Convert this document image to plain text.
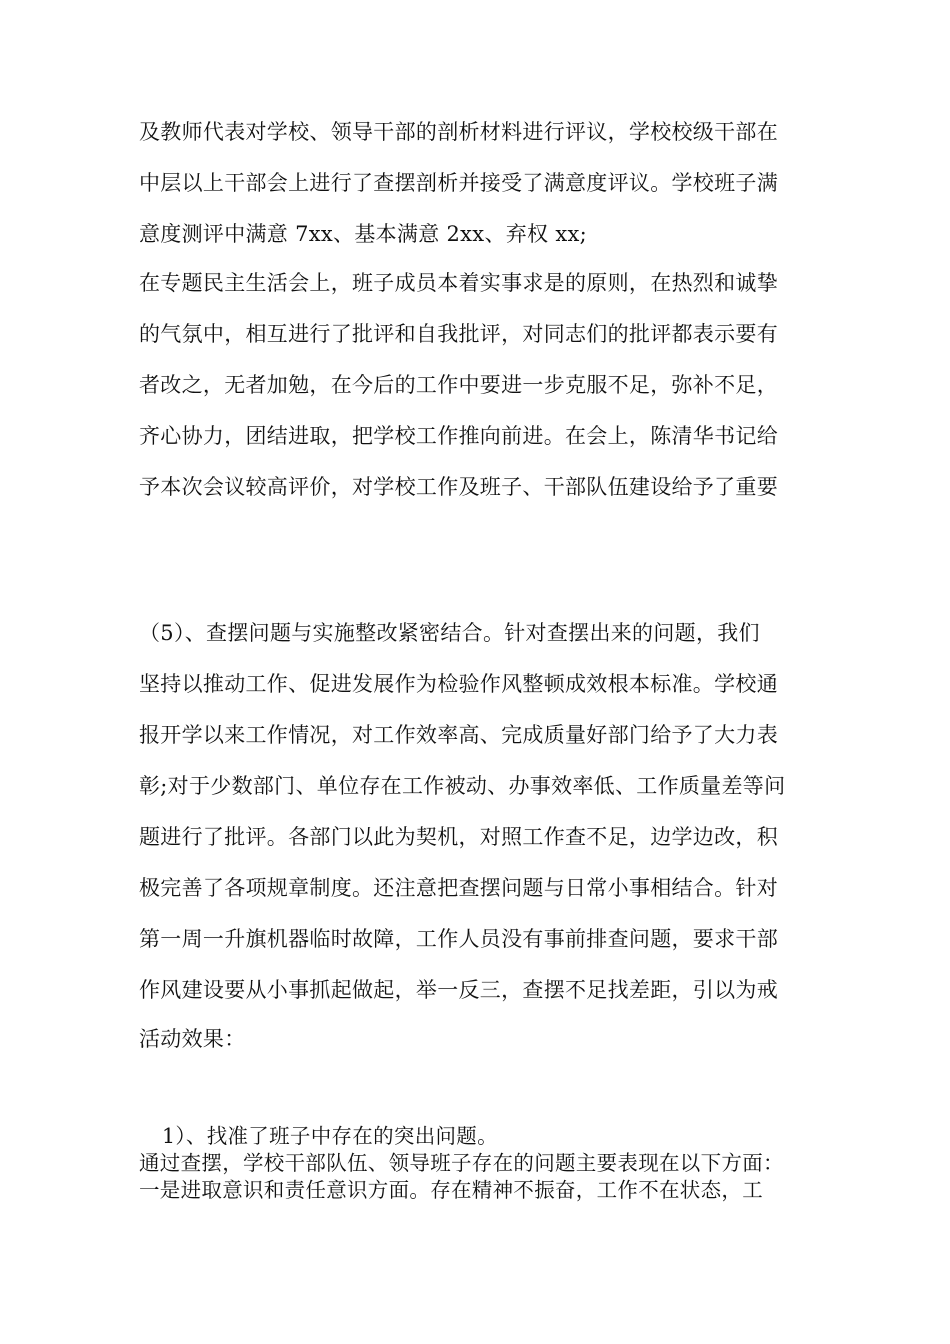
及教师代表对学校、领导干部的剖析材料进行评议，学校校级干部在
中层以上干部会上进行了查摆剖析并接受了满意度评议。学校班子满
意度测评中满意 7xx、基本满意 2xx、弃权 xx;
在专题民主生活会上，班子成员本着实事求是的原则，在热烈和诚挚
的气氛中，相互进行了批评和自我批评，对同志们的批评都表示要有
者改之，无者加勉，在今后的工作中要进一步克服不足，弥补不足，
齐心协力，团结进取，把学校工作推向前进。在会上，陈清华书记给
予本次会议较高评价，对学校工作及班子、干部队伍建设给予了重要
（5）、查摆问题与实施整改紧密结合。针对查摆出来的问题，我们
坚持以推动工作、促进发展作为检验作风整顿成效根本标准。学校通
报开学以来工作情况，对工作效率高、完成质量好部门给予了大力表
彰;对于少数部门、单位存在工作被动、办事效率低、工作质量差等问
题进行了批评。各部门以此为契机，对照工作查不足，边学边改，积
极完善了各项规章制度。还注意把查摆问题与日常小事相结合。针对
第一周一升旗机器临时故障，工作人员没有事前排查问题，要求干部
作风建设要从小事抓起做起，举一反三，查摆不足找差距，引以为戒
活动效果：
1）、找准了班子中存在的突出问题。
通过查摆，学校干部队伍、领导班子存在的问题主要表现在以下方面：
一是进取意识和责任意识方面。存在精神不振奋，工作不在状态，工
